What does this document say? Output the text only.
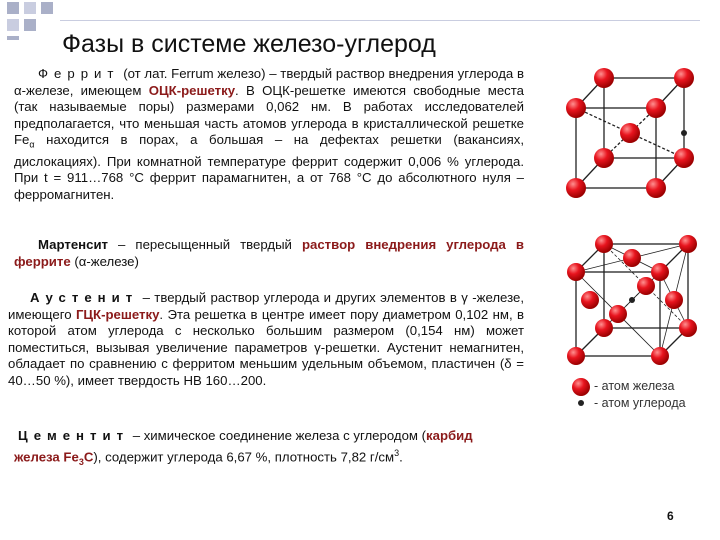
Фазы в системе железо-углерод

Феррит (от лат. Ferrum железо) – твердый раствор внедрения углерода в α-железе, имеющем ОЦК-решетку. В ОЦК-решетке имеются свободные места (так называемые поры) размерами 0,062 нм. В работах исследователей предполагается, что меньшая часть атомов углерода в кристаллической решетке $Fe_\alpha$ находится в порах, а большая – на дефектах решетки (вакансиях, дислокациях). При комнатной температуре феррит содержит 0,006 % углерода. При t = 911…768 °С феррит парамагнитен, а от 768 °С до абсолютного нуля – ферромагнитен.

Мартенсит – пересыщенный твердый раствор внедрения углерода в феррите (α-железе)

Аустенит – твердый раствор углерода и других элементов в γ -железе, имеющего ГЦК-решетку. Эта решетка в центре имеет пору диаметром 0,102 нм, в которой атом углерода с несколько большим размером (0,154 нм) может поместиться, вызывая увеличение параметров γ-решетки. Аустенит немагнитен, обладает по сравнению с ферритом меньшим удельным объемом, пластичен (δ = 40…50 %), имеет твердость НВ 160…200.

Цементит – химическое соединение железа с углеродом (карбид железа $Fe_3C$), содержит углерода 6,67 %, плотность 7,82 $г/см^3$.

- атом железа
- атом углерода
6
